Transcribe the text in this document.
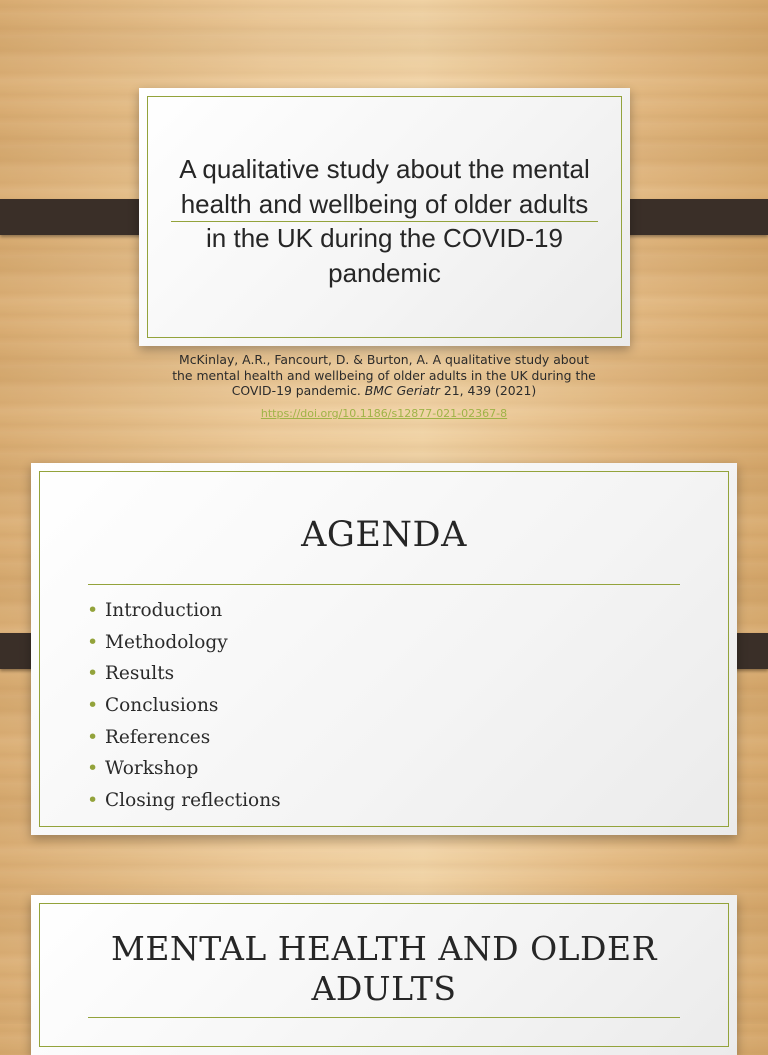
A qualitative study about the mental health and wellbeing of older adults in the UK during the COVID-19 pandemic
McKinlay, A.R., Fancourt, D. & Burton, A. A qualitative study about the mental health and wellbeing of older adults in the UK during the COVID-19 pandemic. BMC Geriatr 21, 439 (2021)
https://doi.org/10.1186/s12877-021-02367-8
AGENDA
• Introduction
• Methodology
• Results
• Conclusions
• References
• Workshop
• Closing reflections
MENTAL HEALTH AND OLDER ADULTS
